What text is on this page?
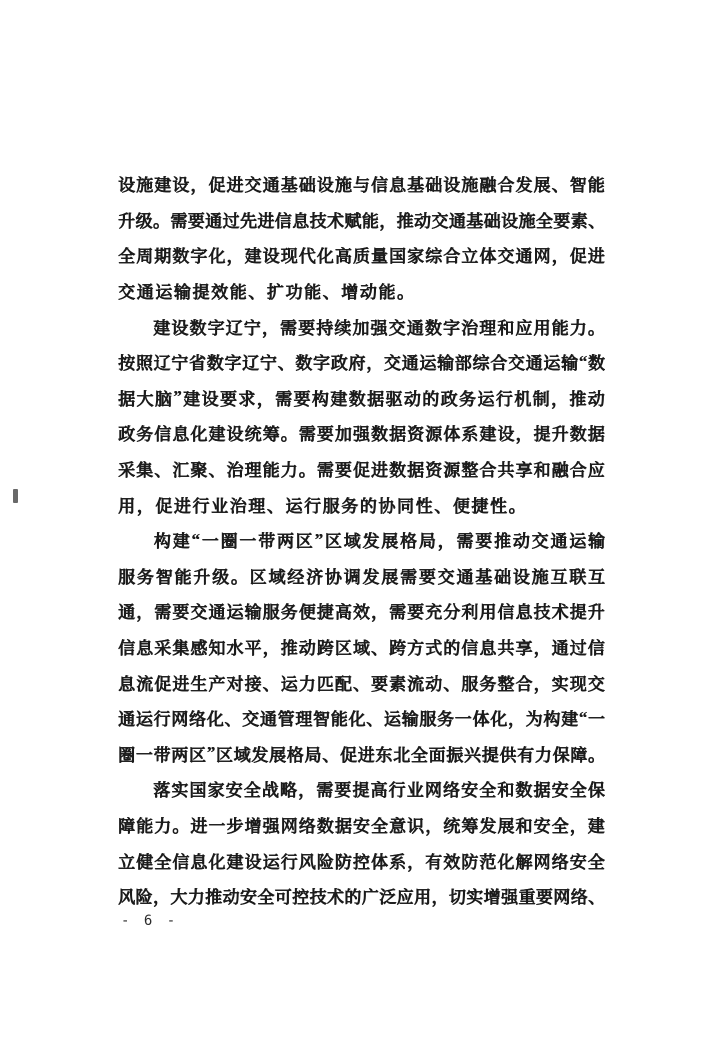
设 施 建 设 ， 促 进 交 通 基 础 设 施 与 信 息 基 础 设 施 融 合 发 展 、 智 能
升 级 。 需 要 通 过 先 进 信 息 技 术 赋 能 ， 推 动 交 通 基 础 设 施 全 要 素 、
全 周 期 数 字 化 ， 建 设 现 代 化 高 质 量 国 家 综 合 立 体 交 通 网 ， 促 进
交 通 运 输 提 效 能 、 扩 功 能 、 增 动 能 。
建 设 数 字 辽 宁 ， 需 要 持 续 加 强 交 通 数 字 治 理 和 应 用 能 力 。
按 照 辽 宁 省 数 字 辽 宁 、 数 字 政 府 ， 交 通 运 输 部 综 合 交 通 运 输 “ 数
据 大 脑 ” 建 设 要 求 ， 需 要 构 建 数 据 驱 动 的 政 务 运 行 机 制 ， 推 动
政 务 信 息 化 建 设 统 筹 。 需 要 加 强 数 据 资 源 体 系 建 设 ， 提 升 数 据
采 集 、 汇 聚 、 治 理 能 力 。 需 要 促 进 数 据 资 源 整 合 共 享 和 融 合 应
用 ， 促 进 行 业 治 理 、 运 行 服 务 的 协 同 性 、 便 捷 性 。
构 建 “ 一 圈 一 带 两 区 ” 区 域 发 展 格 局 ， 需 要 推 动 交 通 运 输
服 务 智 能 升 级 。 区 域 经 济 协 调 发 展 需 要 交 通 基 础 设 施 互 联 互
通 ， 需 要 交 通 运 输 服 务 便 捷 高 效 ， 需 要 充 分 利 用 信 息 技 术 提 升
信 息 采 集 感 知 水 平 ， 推 动 跨 区 域 、 跨 方 式 的 信 息 共 享 ， 通 过 信
息 流 促 进 生 产 对 接 、 运 力 匹 配 、 要 素 流 动 、 服 务 整 合 ， 实 现 交
通 运 行 网 络 化 、 交 通 管 理 智 能 化 、 运 输 服 务 一 体 化 ， 为 构 建 “ 一
圈 一 带 两 区 ” 区 域 发 展 格 局 、 促 进 东 北 全 面 振 兴 提 供 有 力 保 障 。
落 实 国 家 安 全 战 略 ， 需 要 提 高 行 业 网 络 安 全 和 数 据 安 全 保
障 能 力 。 进 一 步 增 强 网 络 数 据 安 全 意 识 ， 统 筹 发 展 和 安 全 ， 建
立 健 全 信 息 化 建 设 运 行 风 险 防 控 体 系 ， 有 效 防 范 化 解 网 络 安 全
风 险 ， 大 力 推 动 安 全 可 控 技 术 的 广 泛 应 用 ， 切 实 增 强 重 要 网 络 、
- 6 -
